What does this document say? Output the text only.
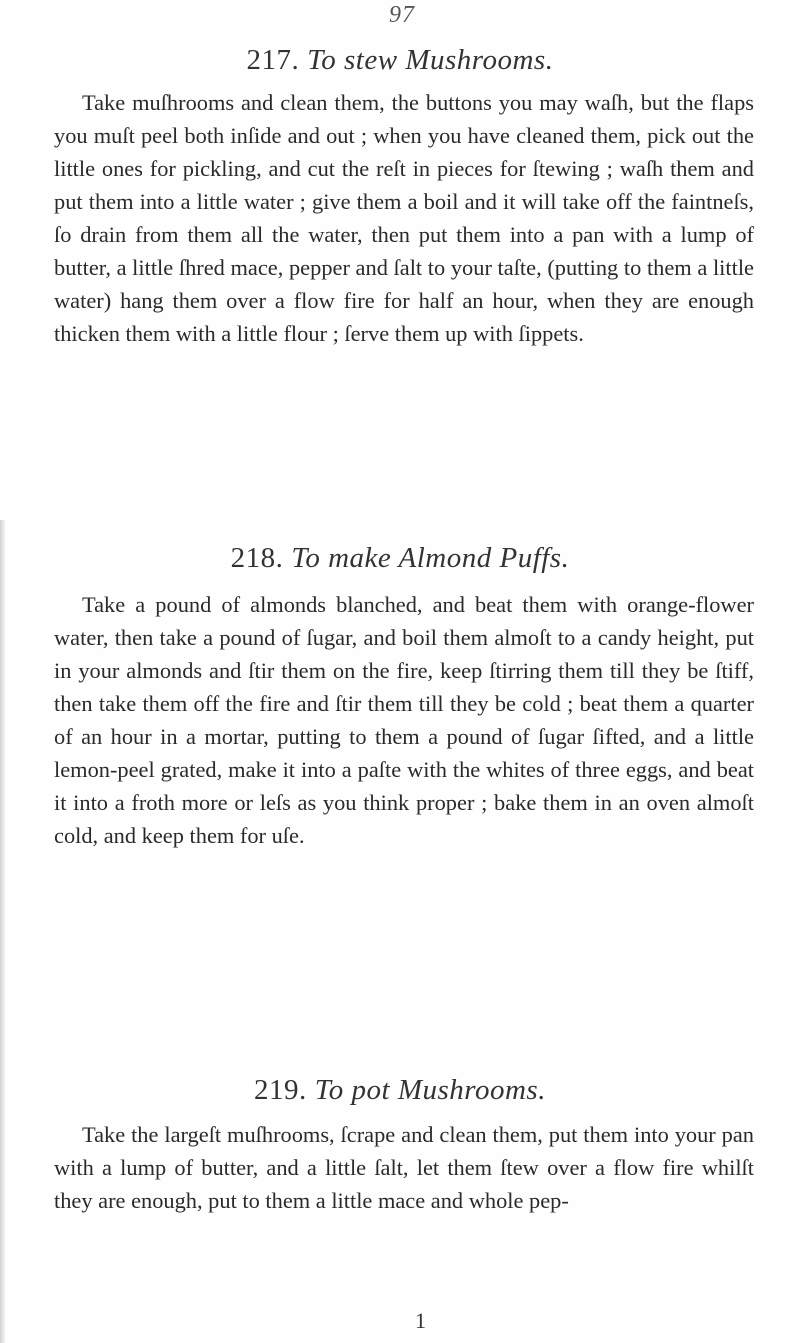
97
217. To stew Mushrooms.

Take muſhrooms and clean them, the buttons you may waſh, but the flaps you muſt peel both inſide and out ; when you have cleaned them, pick out the little ones for pickling, and cut the reſt in pieces for ſtewing ; waſh them and put them into a little water ; give them a boil and it will take off the faintneſs, ſo drain from them all the water, then put them into a pan with a lump of butter, a little ſhred mace, pepper and ſalt to your taſte, (putting to them a little water) hang them over a flow fire for half an hour, when they are enough thicken them with a little flour ; ſerve them up with ſippets.

218. To make Almond Puffs.

Take a pound of almonds blanched, and beat them with orange-flower water, then take a pound of ſugar, and boil them almoſt to a candy height, put in your almonds and ſtir them on the fire, keep ſtirring them till they be ſtiff, then take them off the fire and ſtir them till they be cold ; beat them a quarter of an hour in a mortar, putting to them a pound of ſugar ſifted, and a little lemon-peel grated, make it into a paſte with the whites of three eggs, and beat it into a froth more or leſs as you think proper ; bake them in an oven almoſt cold, and keep them for uſe.

219. To pot Mushrooms.

Take the largeſt muſhrooms, ſcrape and clean them, put them into your pan with a lump of butter, and a little ſalt, let them ſtew over a flow fire whilſt they are enough, put to them a little mace and whole pep-

1
